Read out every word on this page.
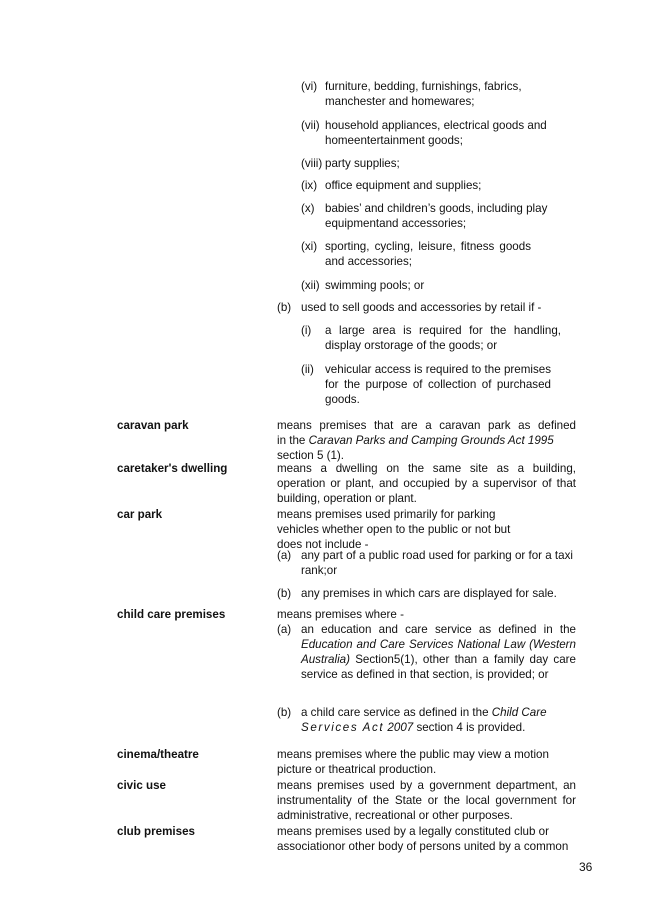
(vi) furniture, bedding, furnishings, fabrics, manchester and homewares;
(vii) household appliances, electrical goods and homeentertainment goods;
(viii) party supplies;
(ix) office equipment and supplies;
(x) babies’ and children’s goods, including play equipmentand accessories;
(xi) sporting, cycling, leisure, fitness goods and accessories;
(xii) swimming pools; or
(b) used to sell goods and accessories by retail if -
(i) a large area is required for the handling, display orstorage of the goods; or
(ii) vehicular access is required to the premises for the purpose of collection of purchased goods.
caravan park	means premises that are a caravan park as defined
in the Caravan Parks and Camping Grounds Act 1995
section 5 (1).
caretaker's dwelling	means a dwelling on the same site as a building, operation or plant, and occupied by a supervisor of that building, operation or plant.
car park	means premises used primarily for parking
vehicles whether open to the public or not but
does not include -
(a) any part of a public road used for parking or for a taxi rank;or
(b) any premises in which cars are displayed for sale.
child care premises	means premises where -
(a) an education and care service as defined in the Education and Care Services National Law (Western Australia) Section5(1), other than a family day care service as defined in that section, is provided; or
(b) a child care service as defined in the Child Care
Services Act 2007 section 4 is provided.
cinema/theatre	means premises where the public may view a motion picture or theatrical production.
civic use	means premises used by a government department, an instrumentality of the State or the local government for administrative, recreational or other purposes.
club premises	means premises used by a legally constituted club or
associationor other body of persons united by a common
36
